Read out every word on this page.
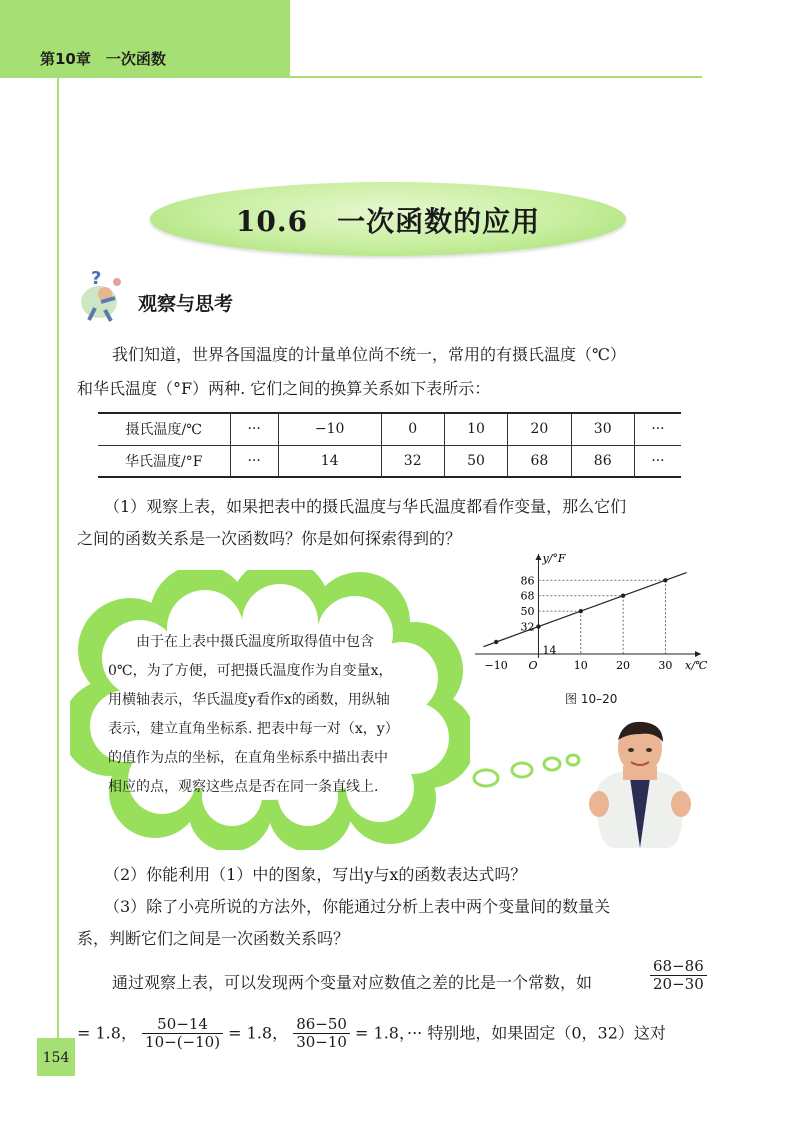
第10章　一次函数
10.6　一次函数的应用
?
观察与思考
我们知道，世界各国温度的计量单位尚不统一，常用的有摄氏温度（℃）
和华氏温度（°F）两种. 它们之间的换算关系如下表所示：
摄氏温度/℃	···	−10	0	10	20	30	···
华氏温度/°F	···	14	32	50	68	86	···
（1）观察上表，如果把表中的摄氏温度与华氏温度都看作变量，那么它们
之间的函数关系是一次函数吗？你是如何探索得到的？
由于在上表中摄氏温度所取得值中包含
0℃，为了方便，可把摄氏温度作为自变量x，
用横轴表示，华氏温度y看作x的函数，用纵轴
表示，建立直角坐标系. 把表中每一对（x，y）
的值作为点的坐标，在直角坐标系中描出表中
相应的点，观察这些点是否在同一条直线上.
−10	10	20	30
14
32
50
68
86
O	x/℃
y/°F
图 10–20
（2）你能利用（1）中的图象，写出y与x的函数表达式吗？
（3）除了小亮所说的方法外，你能通过分析上表中两个变量间的数量关
系，判断它们之间是一次函数关系吗？
通过观察上表，可以发现两个变量对应数值之差的比是一个常数，如	$\frac{68-86}{20-30}$
= 1.8， $\frac{50-14}{10-(-10)} = 1.8$， $\frac{86-50}{30-10} = 1.8$，··· 特别地，如果固定（0，32）这对
154
